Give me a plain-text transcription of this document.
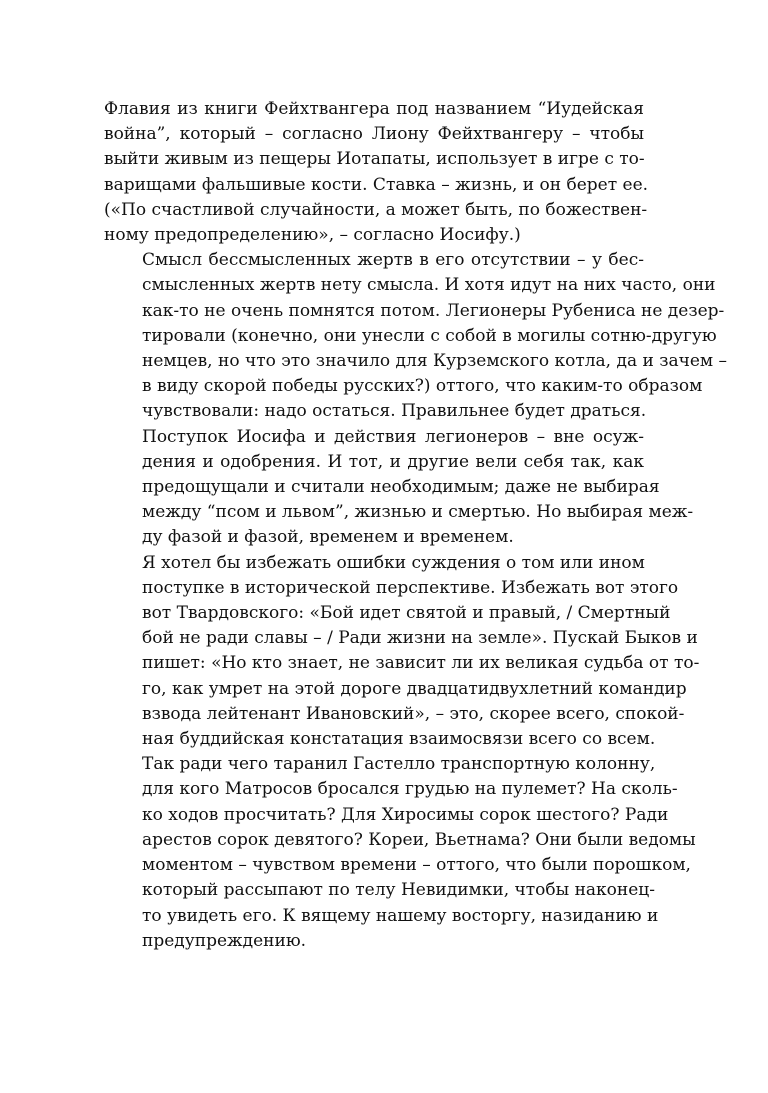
Флавия из книги Фейхтвангера под названием “Иудейская
война”, который – согласно Лиону Фейхтвангеру – чтобы
выйти живым из пещеры Иотапаты, использует в игре с то-
варищами фальшивые кости. Ставка – жизнь, и он берет ее.
(«По счастливой случайности, а может быть, по божествен-
ному предопределению», – согласно Иосифу.)

Смысл бессмысленных жертв в его отсутствии – у бес-
смысленных жертв нету смысла. И хотя идут на них часто, они
как-то не очень помнятся потом. Легионеры Рубениса не дезер-
тировали (конечно, они унесли с собой в могилы сотню-другую
немцев, но что это значило для Курземского котла, да и зачем –
в виду скорой победы русских?) оттого, что каким-то образом
чувствовали: надо остаться. Правильнее будет драться.

Поступок Иосифа и действия легионеров – вне осуж-
дения и одобрения. И тот, и другие вели себя так, как
предощущали и считали необходимым; даже не выбирая
между “псом и львом”, жизнью и смертью. Но выбирая меж-
ду фазой и фазой, временем и временем.

Я хотел бы избежать ошибки суждения о том или ином
поступке в исторической перспективе. Избежать вот этого
вот Твардовского: «Бой идет святой и правый, / Смертный
бой не ради славы – / Ради жизни на земле». Пускай Быков и
пишет: «Но кто знает, не зависит ли их великая судьба от то-
го, как умрет на этой дороге двадцатидвухлетний командир
взвода лейтенант Ивановский», – это, скорее всего, спокой-
ная буддийская констатация взаимосвязи всего со всем.

Так ради чего таранил Гастелло транспортную колонну,
для кого Матросов бросался грудью на пулемет? На сколь-
ко ходов просчитать? Для Хиросимы сорок шестого? Ради
арестов сорок девятого? Кореи, Вьетнама? Они были ведомы
моментом – чувством времени – оттого, что были порошком,
который рассыпают по телу Невидимки, чтобы наконец-
то увидеть его. К вящему нашему восторгу, назиданию и
предупреждению.
